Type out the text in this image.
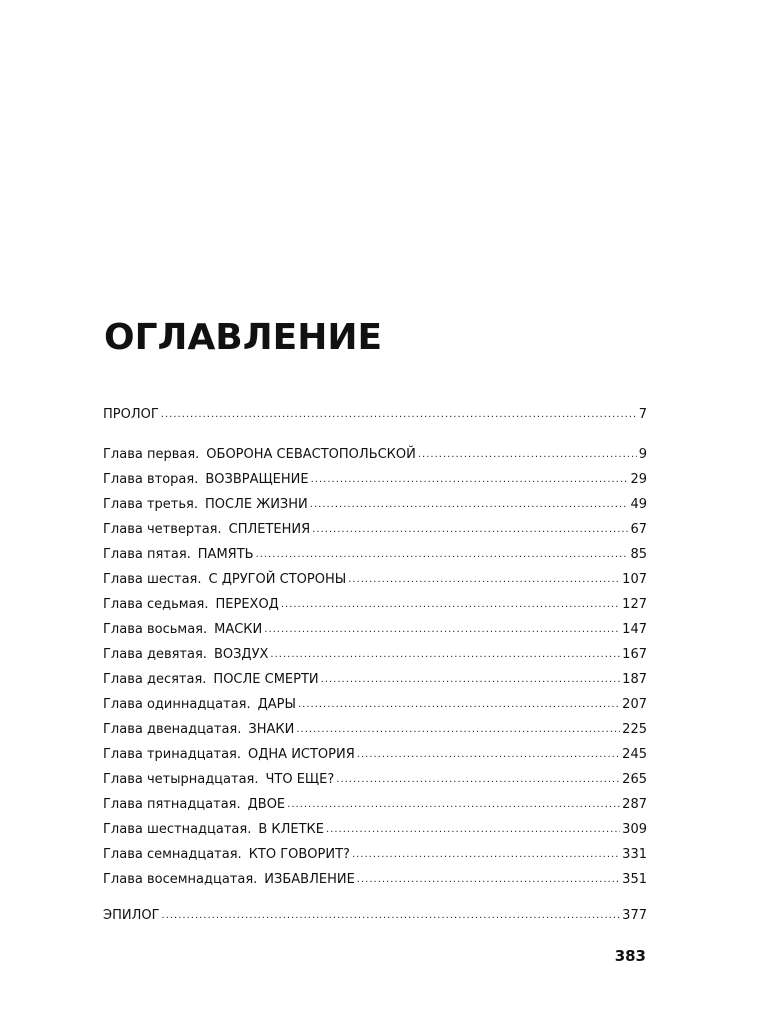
ОГЛАВЛЕНИЕ
ПРОЛОГ .....	7
Глава первая. ОБОРОНА СЕВАСТОПОЛЬСКОЙ .....	9
Глава вторая. ВОЗВРАЩЕНИЕ .....	29
Глава третья. ПОСЛЕ ЖИЗНИ .....	49
Глава четвертая. СПЛЕТЕНИЯ .....	67
Глава пятая. ПАМЯТЬ .....	85
Глава шестая. С ДРУГОЙ СТОРОНЫ .....	107
Глава седьмая. ПЕРЕХОД .....	127
Глава восьмая. МАСКИ .....	147
Глава девятая. ВОЗДУХ .....	167
Глава десятая. ПОСЛЕ СМЕРТИ .....	187
Глава одиннадцатая. ДАРЫ .....	207
Глава двенадцатая. ЗНАКИ .....	225
Глава тринадцатая. ОДНА ИСТОРИЯ .....	245
Глава четырнадцатая. ЧТО ЕЩЕ? .....	265
Глава пятнадцатая. ДВОЕ .....	287
Глава шестнадцатая. В КЛЕТКЕ .....	309
Глава семнадцатая. КТО ГОВОРИТ? .....	331
Глава восемнадцатая. ИЗБАВЛЕНИЕ .....	351
ЭПИЛОГ .....	377
383
